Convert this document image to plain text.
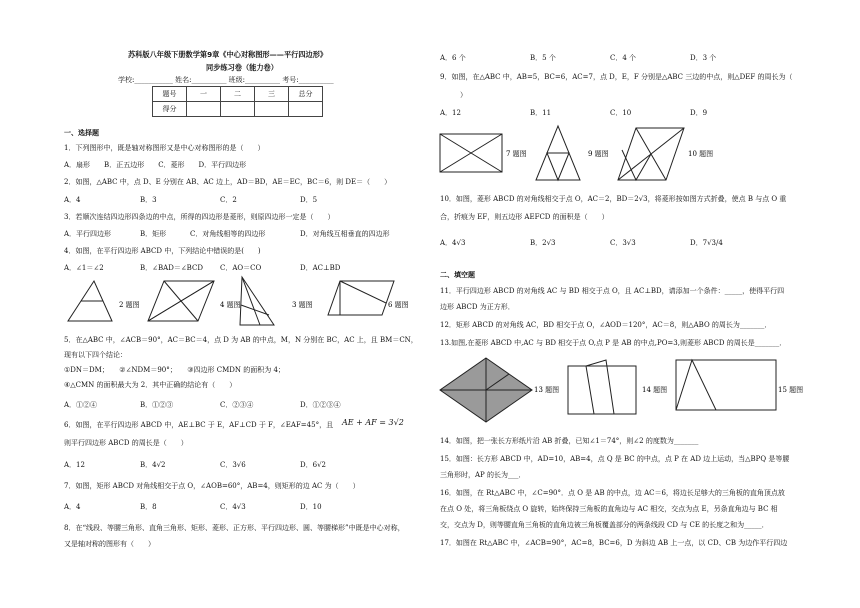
苏科版八年级下册数学第9章《中心对称图形——平行四边形》
同步练习卷（能力卷）
学校:___________ 姓名:__________ 班级:__________ 考号:__________
题号	一	二	三	总分
得分				
一、选择题
1．下列图形中，既是轴对称图形又是中心对称图形的是（　　）
A．扇形　　B．正五边形　　C．菱形　　D．平行四边形
2．如图，△ABC 中，点 D、E 分别在 AB、AC 边上，AD＝BD，AE＝EC，BC＝6，则 DE＝（　　）
A．4	B．3	C．2	D．5
3．若顺次连结四边形四条边的中点，所得的四边形是菱形，则原四边形一定是（　　）
A．平行四边形	B．矩形	C．对角线相等的四边形	D．对角线互相垂直的四边形
4．如图，在平行四边形 ABCD 中，下列结论中错误的是(　　)
A．∠1＝∠2	B．∠BAD＝∠BCD C．AO＝CO	D．AC⊥BD
2 题图	4 题图	3 题图	6 题图
5．在△ABC 中，∠ACB＝90°，AC＝BC＝4，点 D 为 AB 的中点，M，N 分别在 BC，AC 上，且 BM＝CN，
现有以下四个结论：
①DN＝DM；　　②∠NDM＝90°；　　③四边形 CMDN 的面积为 4；
④△CMN 的面积最大为 2．其中正确的结论有（　　）
A．①②④	B．①②③	C．②③④	D．①②③④
6．如图，在平行四边形 ABCD 中，AE⊥BC 于 E，AF⊥CD 于 F，∠EAF=45°，且 AE + AF = 3√2
则平行四边形 ABCD 的周长是（　　）
A．12	B．4√2	C．3√6	D．6√2
7．如图，矩形 ABCD 对角线相交于点 O，∠AOB=60°，AB=4，则矩形的边 AC 为（　　）
A．4	B．8	C．4√3	D．10
8．在“线段、等腰三角形、直角三角形、矩形、菱形、正方形、平行四边形、圆、等腰梯形”中既是中心对称，
又是轴对称的图形有（　　）
A．6 个	B．5 个	C．4 个	D．3 个
9．如图，在△ABC 中，AB=5，BC=6，AC=7，点 D，E，F 分别是△ABC 三边的中点，则△DEF 的周长为（
）
A．12	B．11	C．10	D．9
7 题图	9 题图	10 题图
10．如图，菱形 ABCD 的对角线相交于点 O，AC＝2，BD＝2√3，将菱形按如图方式折叠，使点 B 与点 O 重
合，折痕为 EF，则五边形 AEFCD 的面积是（　　）
A．4√3	B．2√3	C．3√3	D．7√3/4
二、填空题
11．平行四边形 ABCD 的对角线 AC 与 BD 相交于点 O，且 AC⊥BD，请添加一个条件：_____，使得平行四
边形 ABCD 为正方形．
12．矩形 ABCD 的对角线 AC，BD 相交于点 O，∠AOD＝120°，AC＝8，则△ABO 的周长为_______．
13.如图,在菱形 ABCD 中,AC 与 BD 相交于点 O,点 P 是 AB 的中点,PO=3,则菱形 ABCD 的周长是_______．
13 题图	14 题图	15 题图
14．如图，把一张长方形纸片沿 AB 折叠，已知∠1＝74°，则∠2 的度数为_______
15．如图：长方形 ABCD 中，AD=10，AB=4，点 Q 是 BC 的中点，点 P 在 AD 边上运动，当△BPQ 是等腰
三角形时，AP 的长为___．
16．如图，在 Rt△ABC 中，∠C=90°．点 O 是 AB 的中点，边 AC＝6，将边长足够大的三角板的直角顶点放
在点 O 处，将三角板绕点 O 旋转，始终保持三角板的直角边与 AC 相交，交点为点 E，另条直角边与 BC 相
交，交点为 D，则等腰直角三角板的直角边被三角板覆盖部分的两条线段 CD 与 CE 的长度之和为_____．
17．如图在 Rt△ABC 中，∠ACB=90°，AC=8，BC=6，D 为斜边 AB 上一点，以 CD、CB 为边作平行四边
